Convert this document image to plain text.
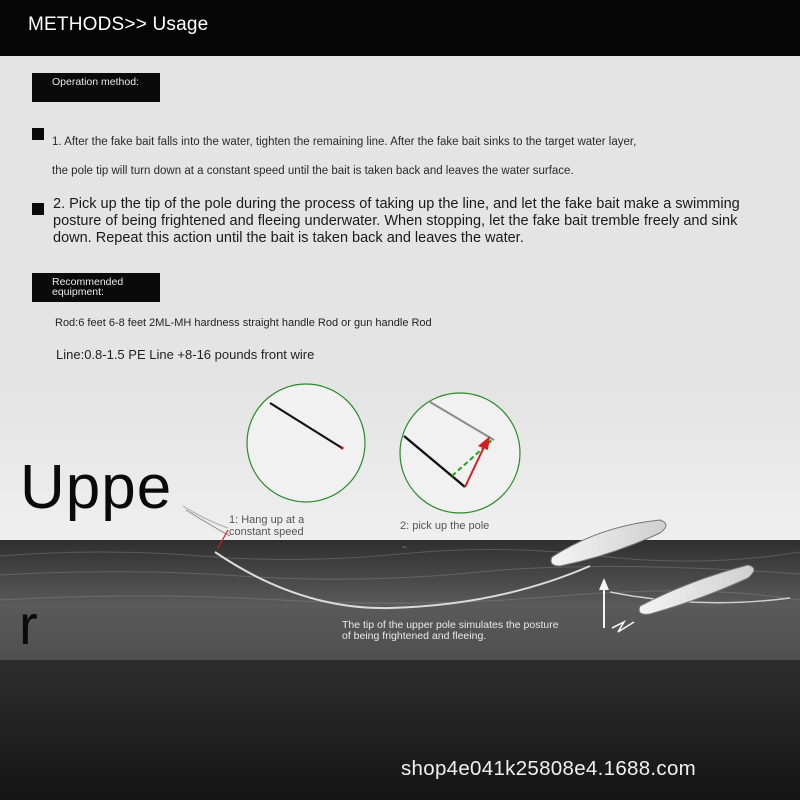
METHODS>> Usage
Operation method:
1. After the fake bait falls into the water, tighten the remaining line. After the fake bait sinks to the target water layer,
the pole tip will turn down at a constant speed until the bait is taken back and leaves the water surface.
2. Pick up the tip of the pole during the process of taking up the line, and let the fake bait make a swimming posture of being frightened and fleeing underwater. When stopping, let the fake bait tremble freely and sink down. Repeat this action until the bait is taken back and leaves the water.
Recommended equipment:
Rod:6 feet 6-8 feet 2ML-MH hardness straight handle Rod or gun handle Rod
Line:0.8-1.5 PE Line +8-16 pounds front wire
~
Uppe
r
1: Hang up at a constant speed	2: pick up the pole
The tip of the upper pole simulates the posture of being frightened and fleeing.
shop4e041k25808e4.1688.com
